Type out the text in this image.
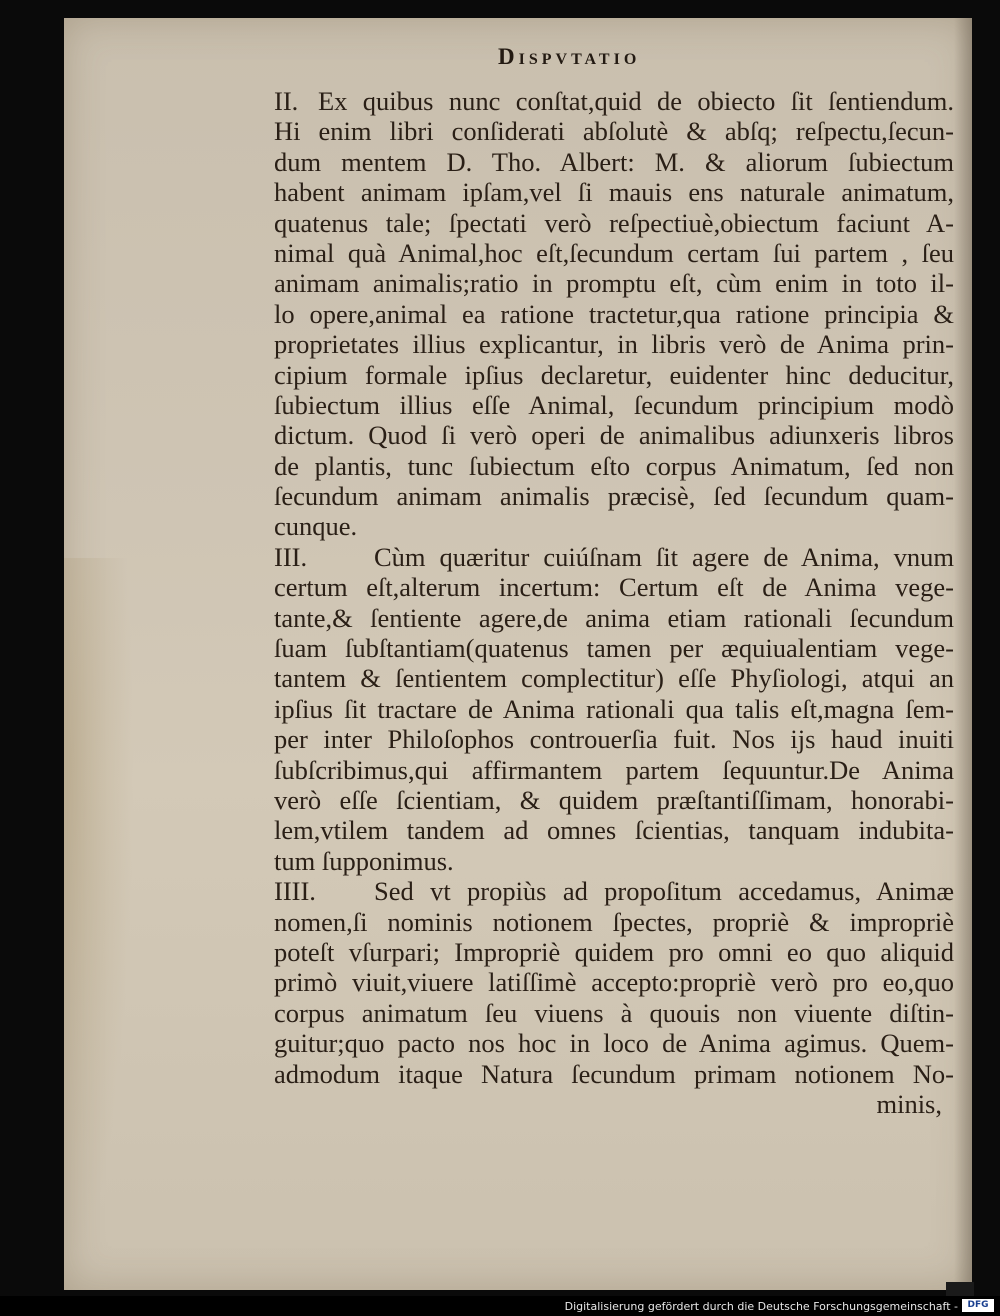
Dispvtatio
II. Ex quibus nunc conſtat,quid de obiecto ſit ſentiendum.
Hi enim libri conſiderati abſolutè & abſq; reſpectu,ſecun-
dum mentem D. Tho. Albert: M. & aliorum ſubiectum
habent animam ipſam,vel ſi mauis ens naturale animatum,
quatenus tale; ſpectati verò reſpectiuè,obiectum faciunt A-
nimal quà Animal,hoc eſt,ſecundum certam ſui partem , ſeu
animam animalis;ratio in promptu eſt, cùm enim in toto il-
lo opere,animal ea ratione tractetur,qua ratione principia &
proprietates illius explicantur, in libris verò de Anima prin-
cipium formale ipſius declaretur, euidenter hinc deducitur,
ſubiectum illius eſſe Animal, ſecundum principium modò
dictum. Quod ſi verò operi de animalibus adiunxeris libros
de plantis, tunc ſubiectum eſto corpus Animatum, ſed non
ſecundum animam animalis præcisè, ſed ſecundum quam-
cunque.
III.	Cùm quæritur cuiúſnam ſit agere de Anima, vnum
certum eſt,alterum incertum: Certum eſt de Anima vege-
tante,& ſentiente agere,de anima etiam rationali ſecundum
ſuam ſubſtantiam(quatenus tamen per æquiualentiam vege-
tantem & ſentientem complectitur) eſſe Phyſiologi, atqui an
ipſius ſit tractare de Anima rationali qua talis eſt,magna ſem-
per inter Philoſophos controuerſia fuit. Nos ijs haud inuiti
ſubſcribimus,qui affirmantem partem ſequuntur.De Anima
verò eſſe ſcientiam, & quidem præſtantiſſimam, honorabi-
lem,vtilem tandem ad omnes ſcientias, tanquam indubita-
tum ſupponimus.
IIII. Sed vt propiùs ad propoſitum accedamus, Animæ
nomen,ſi nominis notionem ſpectes, propriè & impropriè
poteſt vſurpari; Impropriè quidem pro omni eo quo aliquid
primò viuit,viuere latiſſimè accepto:propriè verò pro eo,quo
corpus animatum ſeu viuens à quouis non viuente diſtin-
guitur;quo pacto nos hoc in loco de Anima agimus. Quem-
admodum itaque Natura ſecundum primam notionem No-
minis,
Digitalisierung gefördert durch die Deutsche Forschungsgemeinschaft -	DFG
